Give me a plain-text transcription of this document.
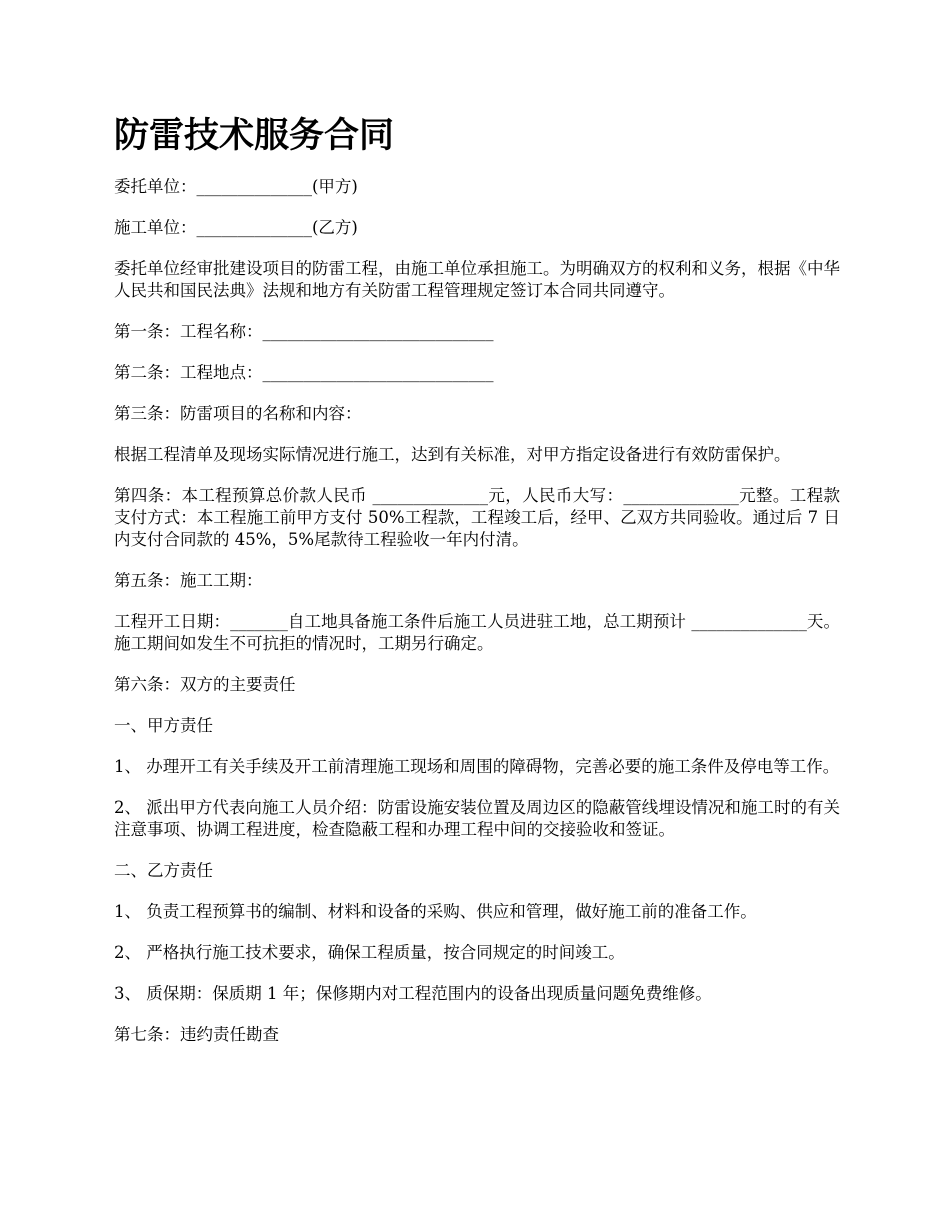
防雷技术服务合同

委托单位：______________(甲方)

施工单位：______________(乙方)

委托单位经审批建设项目的防雷工程，由施工单位承担施工。为明确双方的权利和义务，根据《中华人民共和国民法典》法规和地方有关防雷工程管理规定签订本合同共同遵守。

第一条：工程名称：____________________________

第二条：工程地点：____________________________

第三条：防雷项目的名称和内容：

根据工程清单及现场实际情况进行施工，达到有关标准，对甲方指定设备进行有效防雷保护。

第四条：本工程预算总价款人民币 ______________元，人民币大写：______________元整。工程款支付方式：本工程施工前甲方支付 50%工程款，工程竣工后，经甲、乙双方共同验收。通过后 7 日内支付合同款的 45%，5%尾款待工程验收一年内付清。

第五条：施工工期：

工程开工日期：_______自工地具备施工条件后施工人员进驻工地，总工期预计 ______________天。施工期间如发生不可抗拒的情况时，工期另行确定。

第六条：双方的主要责任

一、甲方责任

1、 办理开工有关手续及开工前清理施工现场和周围的障碍物，完善必要的施工条件及停电等工作。

2、 派出甲方代表向施工人员介绍：防雷设施安装位置及周边区的隐蔽管线埋设情况和施工时的有关注意事项、协调工程进度，检查隐蔽工程和办理工程中间的交接验收和签证。

二、乙方责任

1、 负责工程预算书的编制、材料和设备的采购、供应和管理，做好施工前的准备工作。

2、 严格执行施工技术要求，确保工程质量，按合同规定的时间竣工。

3、 质保期：保质期 1 年；保修期内对工程范围内的设备出现质量问题免费维修。

第七条：违约责任勘查
